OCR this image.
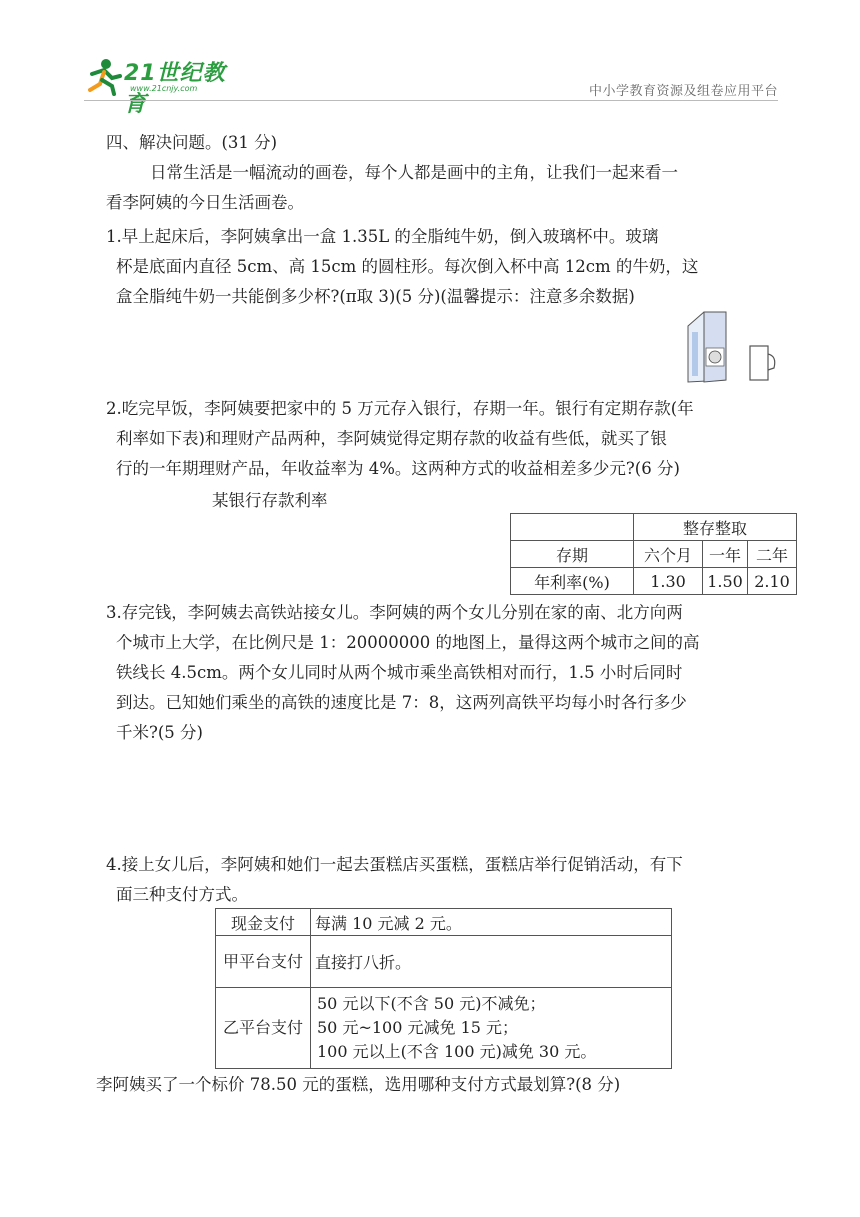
21世纪教育
www.21cnjy.com	中小学教育资源及组卷应用平台
四、解决问题。(31 分)
日常生活是一幅流动的画卷，每个人都是画中的主角，让我们一起来看一
看李阿姨的今日生活画卷。
1.早上起床后，李阿姨拿出一盒 1.35L 的全脂纯牛奶，倒入玻璃杯中。玻璃
杯是底面内直径 5cm、高 15cm 的圆柱形。每次倒入杯中高 12cm 的牛奶，这
盒全脂纯牛奶一共能倒多少杯?(π取 3)(5 分)(温馨提示：注意多余数据)
2.吃完早饭，李阿姨要把家中的 5 万元存入银行，存期一年。银行有定期存款(年
利率如下表)和理财产品两种，李阿姨觉得定期存款的收益有些低，就买了银
行的一年期理财产品，年收益率为 4%。这两种方式的收益相差多少元?(6 分)
某银行存款利率
	整存整取		
存期	六个月	一年	二年
年利率(%)	1.30	1.50	2.10
3.存完钱，李阿姨去高铁站接女儿。李阿姨的两个女儿分别在家的南、北方向两
个城市上大学，在比例尺是 1：20000000 的地图上，量得这两个城市之间的高
铁线长 4.5cm。两个女儿同时从两个城市乘坐高铁相对而行，1.5 小时后同时
到达。已知她们乘坐的高铁的速度比是 7：8，这两列高铁平均每小时各行多少
千米?(5 分)
4.接上女儿后，李阿姨和她们一起去蛋糕店买蛋糕，蛋糕店举行促销活动，有下
面三种支付方式。
现金支付	每满 10 元减 2 元。
甲平台支付	直接打八折。
乙平台支付	50 元以下(不含 50 元)不减免；
50 元~100 元减免 15 元；
100 元以上(不含 100 元)减免 30 元。
李阿姨买了一个标价 78.50 元的蛋糕，选用哪种支付方式最划算?(8 分)
